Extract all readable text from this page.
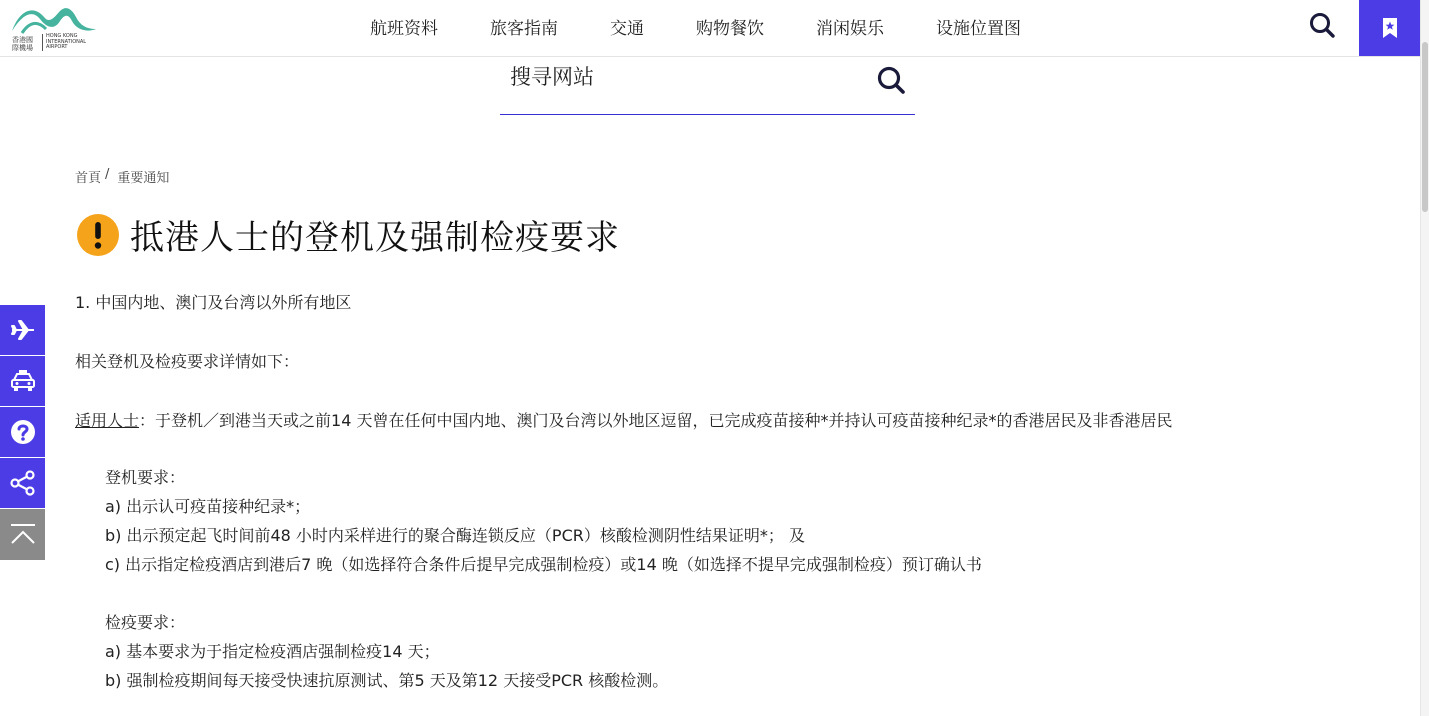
香港國際機場
HONG KONG INTERNATIONAL AIRPORT
航班资料	旅客指南	交通	购物餐饮	消闲娱乐	设施位置图
搜寻网站
首頁 / 重要通知
抵港人士的登机及强制检疫要求
1. 中国内地、澳门及台湾以外所有地区
相关登机及检疫要求详情如下：
适用人士：于登机／到港当天或之前14 天曾在任何中国内地、澳门及台湾以外地区逗留，已完成疫苗接种*并持认可疫苗接种纪录*的香港居民及非香港居民
登机要求：
a) 出示认可疫苗接种纪录*；
b) 出示预定起飞时间前48 小时内采样进行的聚合酶连锁反应（PCR）核酸检测阴性结果证明*； 及
c) 出示指定检疫酒店到港后7 晚（如选择符合条件后提早完成强制检疫）或14 晚（如选择不提早完成强制检疫）预订确认书
检疫要求：
a) 基本要求为于指定检疫酒店强制检疫14 天；
b) 强制检疫期间每天接受快速抗原测试、第5 天及第12 天接受PCR 核酸检测。
